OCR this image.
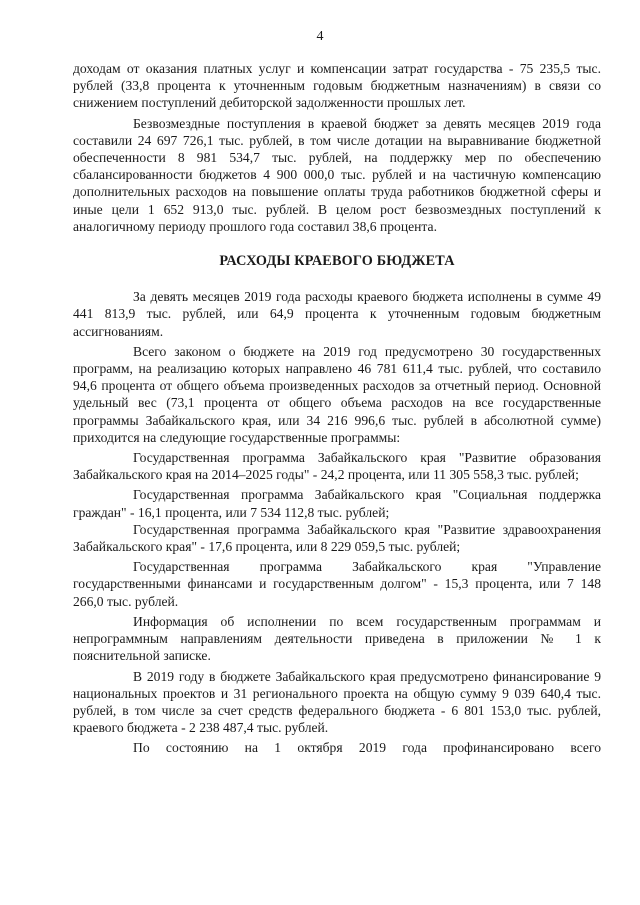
4

доходам от оказания платных услуг и компенсации затрат государства - 75 235,5 тыс. рублей (33,8 процента к уточненным годовым бюджетным назначениям) в связи со снижением поступлений дебиторской задолженности прошлых лет.

Безвозмездные поступления в краевой бюджет за девять месяцев 2019 года составили 24 697 726,1 тыс. рублей, в том числе дотации на выравнивание бюджетной обеспеченности 8 981 534,7 тыс. рублей, на поддержку мер по обеспечению сбалансированности бюджетов 4 900 000,0 тыс. рублей и на частичную компенсацию дополнительных расходов на повышение оплаты труда работников бюджетной сферы и иные цели 1 652 913,0 тыс. рублей. В целом рост безвозмездных поступлений к аналогичному периоду прошлого года составил 38,6 процента.

РАСХОДЫ КРАЕВОГО БЮДЖЕТА

За девять месяцев 2019 года расходы краевого бюджета исполнены в сумме 49 441 813,9 тыс. рублей, или 64,9 процента к уточненным годовым бюджетным ассигнованиям.

Всего законом о бюджете на 2019 год предусмотрено 30 государственных программ, на реализацию которых направлено 46 781 611,4 тыс. рублей, что составило 94,6 процента от общего объема произведенных расходов за отчетный период. Основной удельный вес (73,1 процента от общего объема расходов на все государственные программы Забайкальского края, или 34 216 996,6 тыс. рублей в абсолютной сумме) приходится на следующие государственные программы:

Государственная программа Забайкальского края "Развитие образования Забайкальского края на 2014–2025 годы" - 24,2 процента, или 11 305 558,3 тыс. рублей;

Государственная программа Забайкальского края "Социальная поддержка граждан" - 16,1 процента, или 7 534 112,8 тыс. рублей;

Государственная программа Забайкальского края "Развитие здравоохранения Забайкальского края" - 17,6 процента, или 8 229 059,5 тыс. рублей;

Государственная программа Забайкальского края "Управление государственными финансами и государственным долгом" - 15,3 процента, или 7 148 266,0 тыс. рублей.

Информация об исполнении по всем государственным программам и непрограммным направлениям деятельности приведена в приложении № 1 к пояснительной записке.

В 2019 году в бюджете Забайкальского края предусмотрено финансирование 9 национальных проектов и 31 регионального проекта на общую сумму 9 039 640,4 тыс. рублей, в том числе за счет средств федерального бюджета - 6 801 153,0 тыс. рублей, краевого бюджета - 2 238 487,4 тыс. рублей.

По состоянию на 1 октября 2019 года профинансировано всего
